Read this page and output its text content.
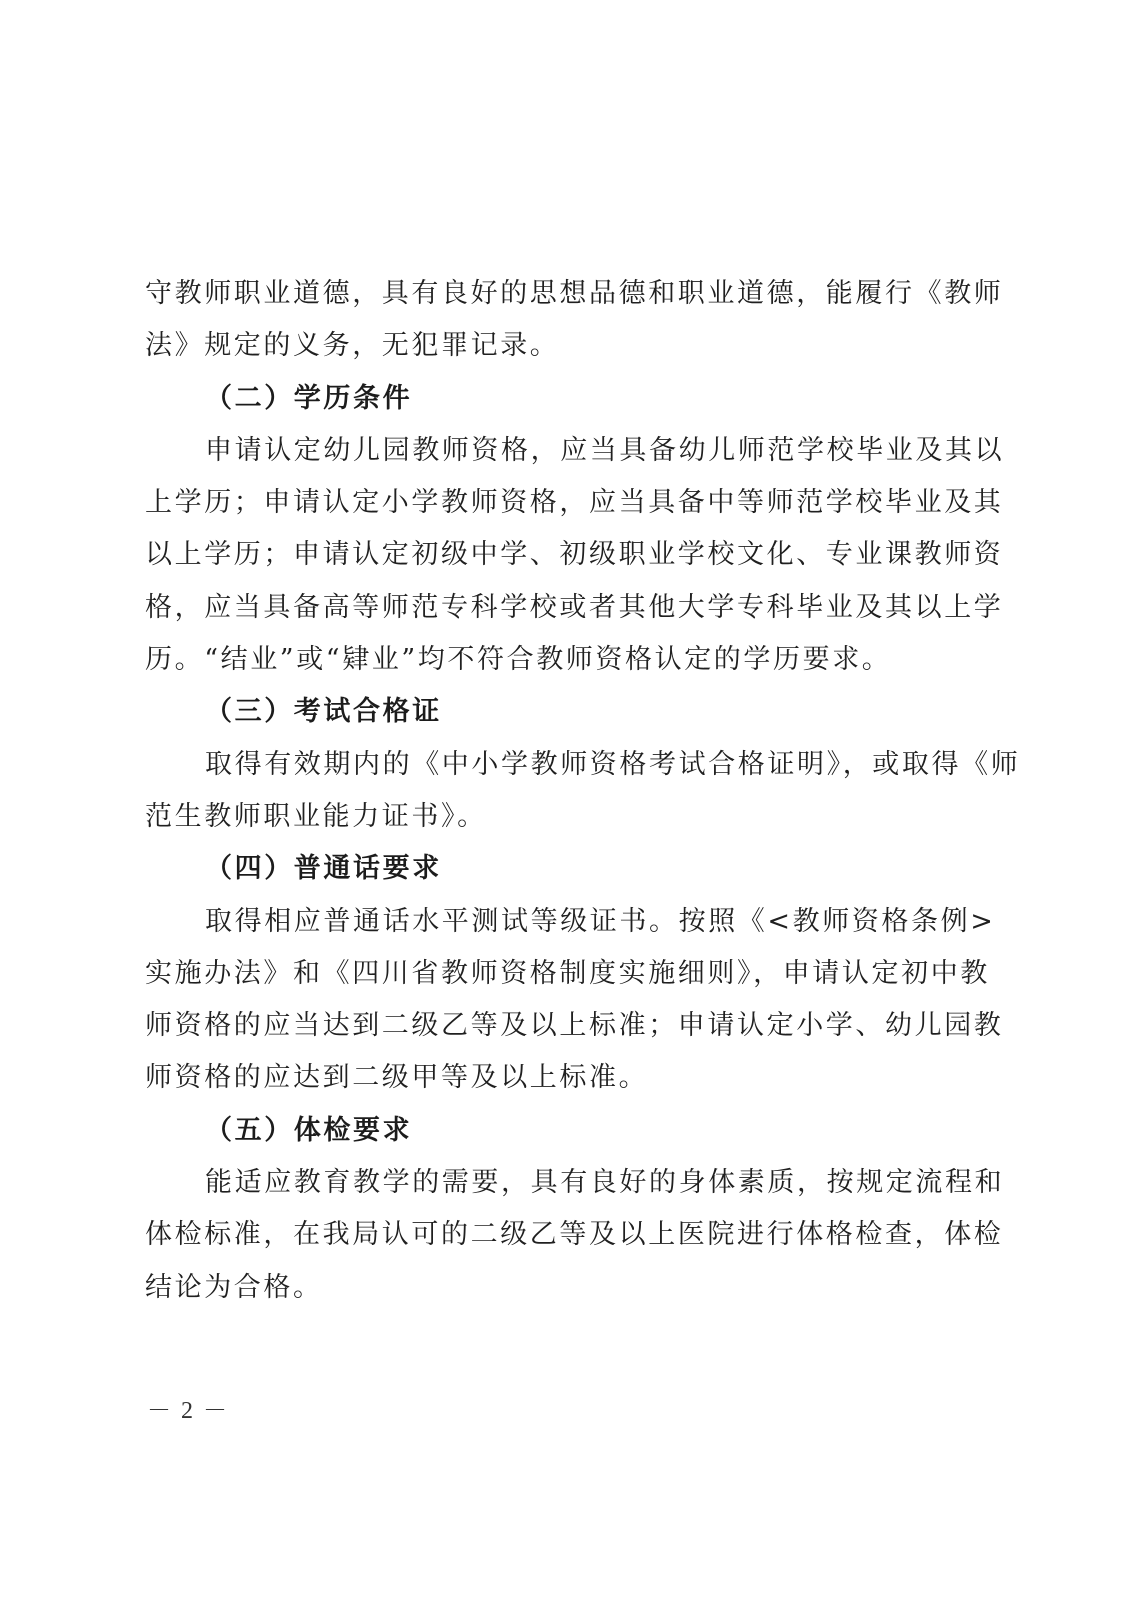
守教师职业道德，具有良好的思想品德和职业道德，能履行《教师
法》规定的义务，无犯罪记录。
（二）学历条件
申请认定幼儿园教师资格，应当具备幼儿师范学校毕业及其以
上学历；申请认定小学教师资格，应当具备中等师范学校毕业及其
以上学历；申请认定初级中学、初级职业学校文化、专业课教师资
格，应当具备高等师范专科学校或者其他大学专科毕业及其以上学
历。“结业”或“肄业”均不符合教师资格认定的学历要求。
（三）考试合格证
取得有效期内的《中小学教师资格考试合格证明》，或取得《师
范生教师职业能力证书》。
（四）普通话要求
取得相应普通话水平测试等级证书。按照《<教师资格条例>
实施办法》和《四川省教师资格制度实施细则》，申请认定初中教
师资格的应当达到二级乙等及以上标准；申请认定小学、幼儿园教
师资格的应达到二级甲等及以上标准。
（五）体检要求
能适应教育教学的需要，具有良好的身体素质，按规定流程和
体检标准，在我局认可的二级乙等及以上医院进行体格检查，体检
结论为合格。
－ 2 －
